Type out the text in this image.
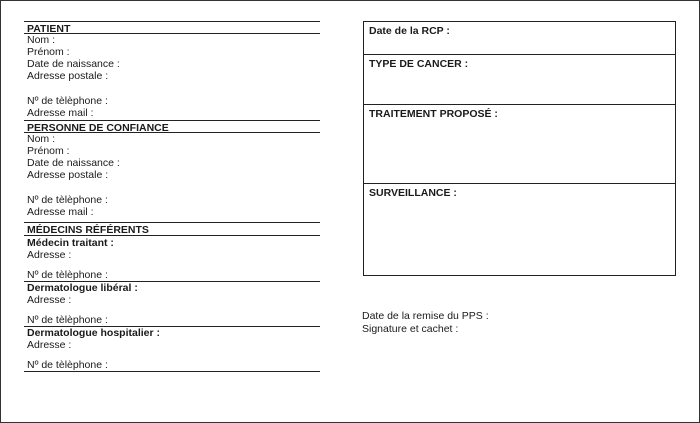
PATIENT
Nom :
Prénom :
Date de naissance :
Adresse postale :
Nº de tèlèphone :
Adresse mail :
PERSONNE DE CONFIANCE
Nom :
Prénom :
Date de naissance :
Adresse postale :
Nº de tèlèphone :
Adresse mail :
MÉDECINS RÉFÉRENTS
Médecin traitant :
Adresse :
Nº de tèlèphone :
Dermatologue libéral :
Adresse :
Nº de tèlèphone :
Dermatologue hospitalier :
Adresse :
Nº de tèlèphone :
Date de la RCP :
TYPE DE CANCER :
TRAITEMENT PROPOSÉ :
SURVEILLANCE :
Date de la remise du PPS :
Signature et cachet :
